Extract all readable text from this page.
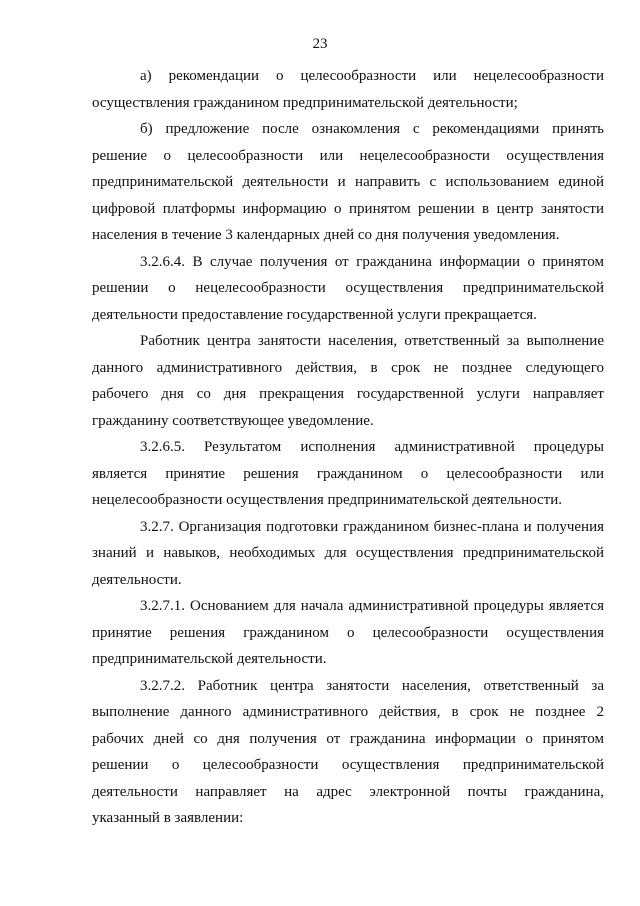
23
а) рекомендации о целесообразности или нецелесообразности
осуществления гражданином предпринимательской деятельности;
б) предложение после ознакомления с рекомендациями принять
решение о целесообразности или нецелесообразности осуществления
предпринимательской деятельности и направить с использованием единой
цифровой платформы информацию о принятом решении в центр занятости
населения в течение 3 календарных дней со дня получения уведомления.
3.2.6.4. В случае получения от гражданина информации о принятом
решении о нецелесообразности осуществления предпринимательской
деятельности предоставление государственной услуги прекращается.
Работник центра занятости населения, ответственный за выполнение
данного административного действия, в срок не позднее следующего
рабочего дня со дня прекращения государственной услуги направляет
гражданину соответствующее уведомление.
3.2.6.5. Результатом исполнения административной процедуры
является принятие решения гражданином о целесообразности или
нецелесообразности осуществления предпринимательской деятельности.
3.2.7. Организация подготовки гражданином бизнес-плана и получения
знаний и навыков, необходимых для осуществления предпринимательской
деятельности.
3.2.7.1. Основанием для начала административной процедуры является
принятие решения гражданином о целесообразности осуществления
предпринимательской деятельности.
3.2.7.2. Работник центра занятости населения, ответственный за
выполнение данного административного действия, в срок не позднее 2
рабочих дней со дня получения от гражданина информации о принятом
решении о целесообразности осуществления предпринимательской
деятельности направляет на адрес электронной почты гражданина,
указанный в заявлении:
